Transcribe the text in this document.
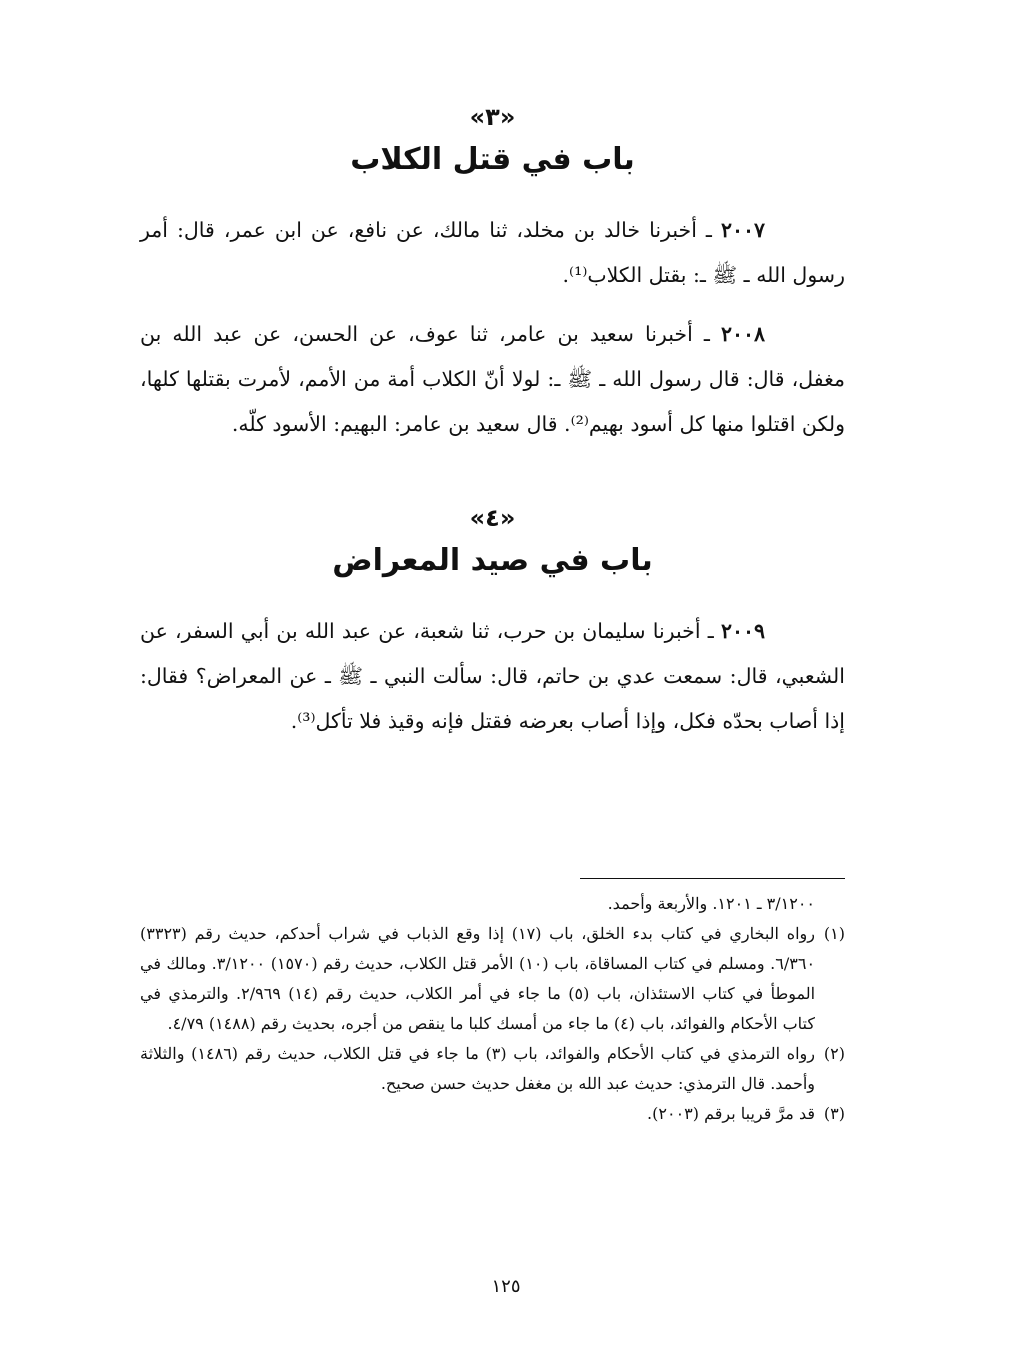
«٣»
باب في قتل الكلاب

٢٠٠٧ ـ أخبرنا خالد بن مخلد، ثنا مالك، عن نافع، عن ابن عمر، قال: أمر رسول الله ـ ﷺ ـ: بقتل الكلاب⁽¹⁾.

٢٠٠٨ ـ أخبرنا سعيد بن عامر، ثنا عوف، عن الحسن، عن عبد الله بن مغفل، قال: قال رسول الله ـ ﷺ ـ: لولا أنّ الكلاب أمة من الأمم، لأمرت بقتلها كلها، ولكن اقتلوا منها كل أسود بهيم⁽²⁾. قال سعيد بن عامر: البهيم: الأسود كلّه.

«٤»
باب في صيد المعراض

٢٠٠٩ ـ أخبرنا سليمان بن حرب، ثنا شعبة، عن عبد الله بن أبي السفر، عن الشعبي، قال: سمعت عدي بن حاتم، قال: سألت النبي ـ ﷺ ـ عن المعراض؟ فقال: إذا أصاب بحدّه فكل، وإذا أصاب بعرضه فقتل فإنه وقيذ فلا تأكل⁽³⁾.

٣/١٢٠٠ ـ ١٢٠١. والأربعة وأحمد.
(١)
رواه البخاري في كتاب بدء الخلق، باب (١٧) إذا وقع الذباب في شراب أحدكم، حديث رقم (٣٣٢٣) ٦/٣٦٠. ومسلم في كتاب المساقاة، باب (١٠) الأمر قتل الكلاب، حديث رقم (١٥٧٠) ٣/١٢٠٠. ومالك في الموطأ في كتاب الاستئذان، باب (٥) ما جاء في أمر الكلاب، حديث رقم (١٤) ٢/٩٦٩. والترمذي في كتاب الأحكام والفوائد، باب (٤) ما جاء من أمسك كلبا ما ينقص من أجره، بحديث رقم (١٤٨٨) ٤/٧٩.
(٢)
رواه الترمذي في كتاب الأحكام والفوائد، باب (٣) ما جاء في قتل الكلاب، حديث رقم (١٤٨٦) والثلاثة وأحمد. قال الترمذي: حديث عبد الله بن مغفل حديث حسن صحيح.
(٣)
قد مرَّ قريبا برقم (٢٠٠٣).
١٢٥
